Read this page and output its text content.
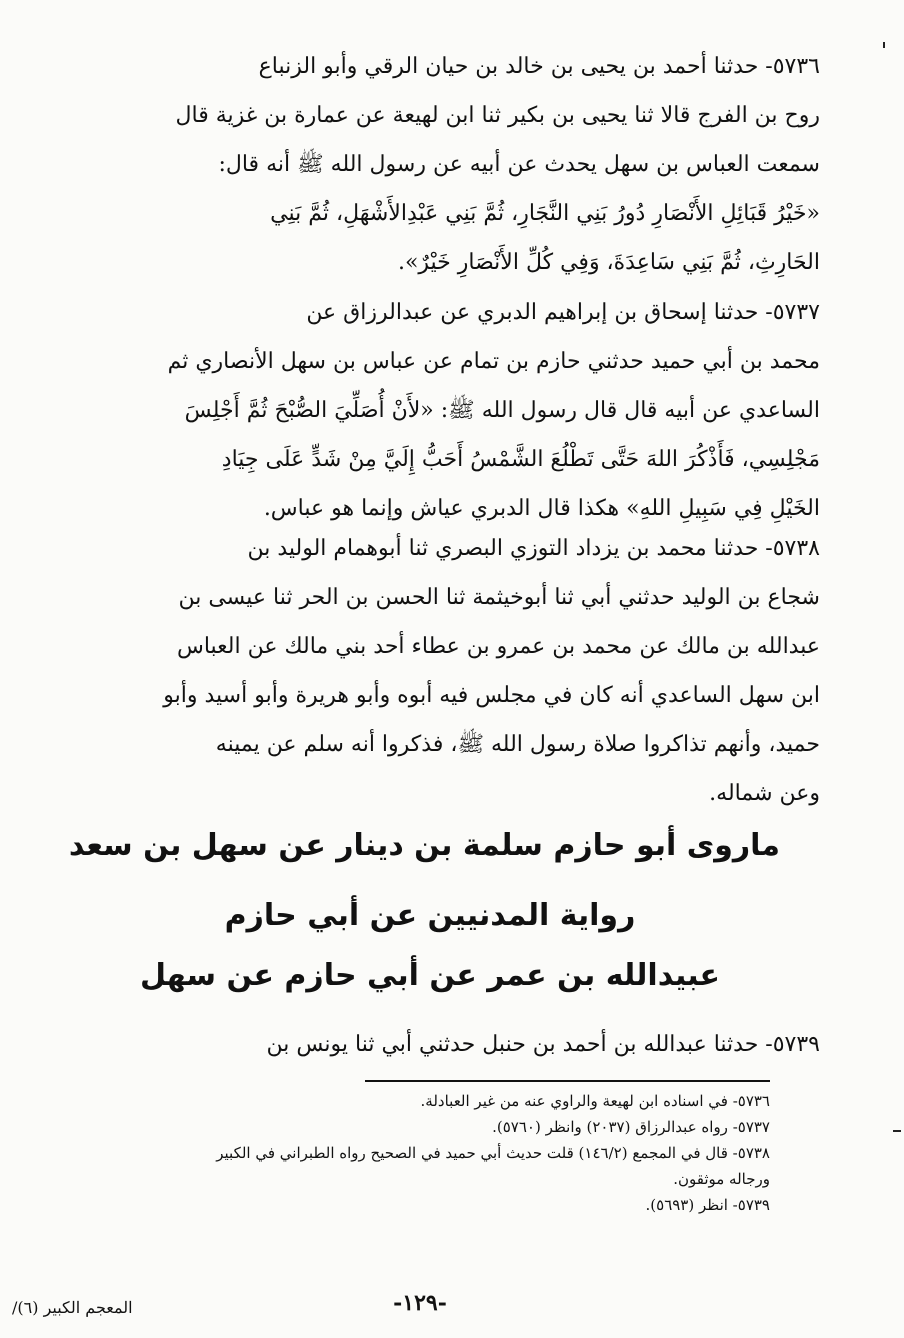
٥٧٣٦- حدثنا أحمد بن يحيى بن خالد بن حيان الرقي وأبو الزنباع
روح بن الفرج قالا ثنا يحيى بن بكير ثنا ابن لهيعة عن عمارة بن غزية قال
سمعت العباس بن سهل يحدث عن أبيه عن رسول الله ﷺ أنه قال:
«خَيْرُ قَبَائِلِ الأَنْصَارِ دُورُ بَنِي النَّجَارِ، ثُمَّ بَنِي عَبْدِالأَشْهَلِ، ثُمَّ بَنِي
الحَارِثِ، ثُمَّ بَنِي سَاعِدَةَ، وَفِي كُلِّ الأَنْصَارِ خَيْرٌ».
٥٧٣٧- حدثنا إسحاق بن إبراهيم الدبري عن عبدالرزاق عن
محمد بن أبي حميد حدثني حازم بن تمام عن عباس بن سهل الأنصاري ثم
الساعدي عن أبيه قال قال رسول الله ﷺ: «لأَنْ أُصَلِّيَ الصُّبْحَ ثُمَّ أَجْلِسَ
مَجْلِسِي، فَأَذْكُرَ اللهَ حَتَّى تَطْلُعَ الشَّمْسُ أَحَبُّ إِلَيَّ مِنْ شَدٍّ عَلَى جِيَادِ
الخَيْلِ فِي سَبِيلِ اللهِ» هكذا قال الدبري عياش وإنما هو عباس.
٥٧٣٨- حدثنا محمد بن يزداد التوزي البصري ثنا أبوهمام الوليد بن
شجاع بن الوليد حدثني أبي ثنا أبوخيثمة ثنا الحسن بن الحر ثنا عيسى بن
عبدالله بن مالك عن محمد بن عمرو بن عطاء أحد بني مالك عن العباس
ابن سهل الساعدي أنه كان في مجلس فيه أبوه وأبو هريرة وأبو أسيد وأبو
حميد، وأنهم تذاكروا صلاة رسول الله ﷺ، فذكروا أنه سلم عن يمينه
وعن شماله.
ماروى أبو حازم سلمة بن دينار عن سهل بن سعد
رواية المدنيين عن أبي حازم
عبيدالله بن عمر عن أبي حازم عن سهل
٥٧٣٩- حدثنا عبدالله بن أحمد بن حنبل حدثني أبي ثنا يونس بن
٥٧٣٦- في اسناده ابن لهيعة والراوي عنه من غير العبادلة.
٥٧٣٧- رواه عبدالرزاق (٢٠٣٧) وانظر (٥٧٦٠).
٥٧٣٨- قال في المجمع (١٤٦/٢) قلت حديث أبي حميد في الصحيح رواه الطبراني في الكبير
ورجاله موثقون.
٥٧٣٩- انظر (٥٦٩٣).
-١٢٩-
المعجم الكبير (٦)/
